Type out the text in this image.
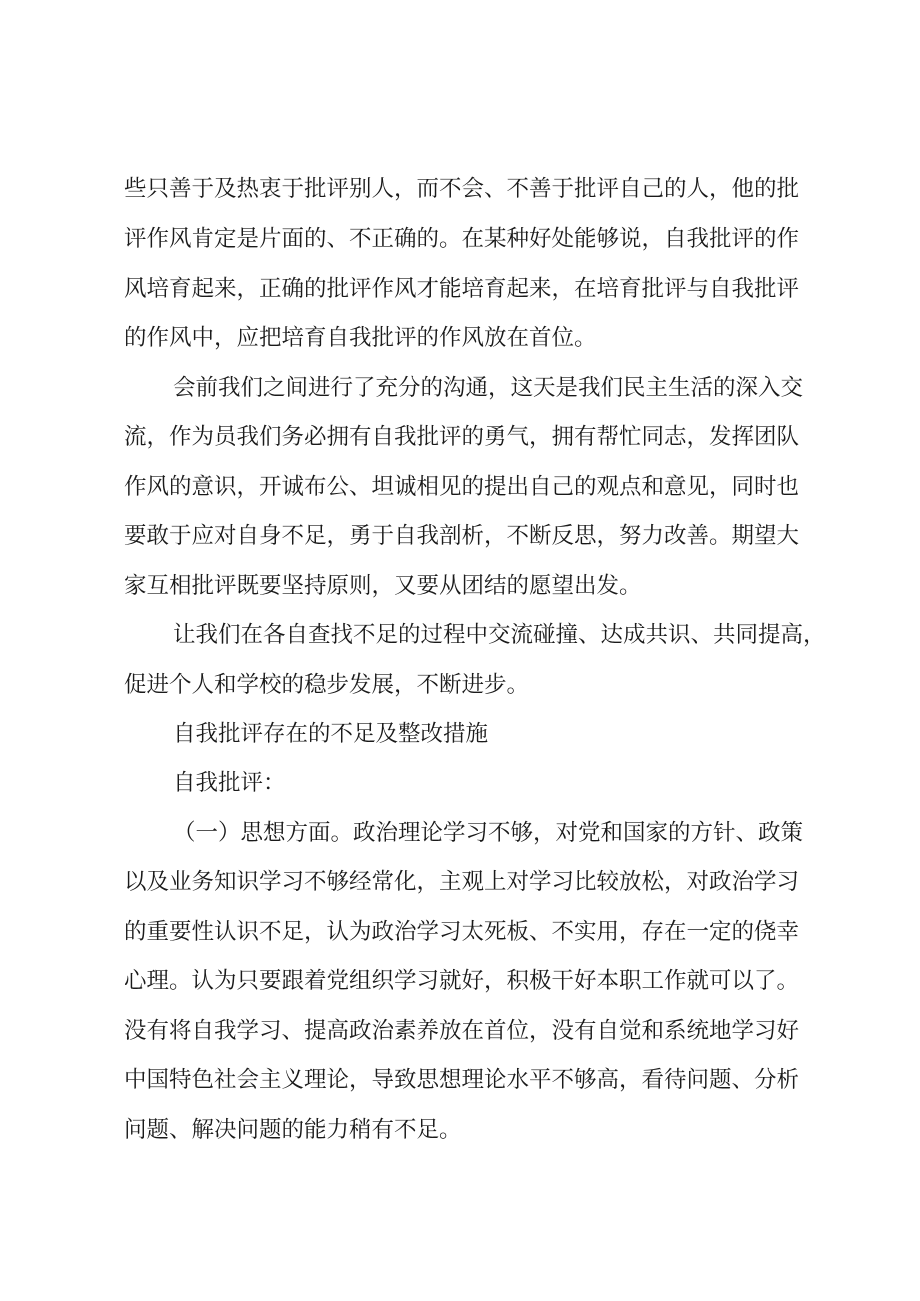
些只善于及热衷于批评别人，而不会、不善于批评自己的人，他的批
评作风肯定是片面的、不正确的。在某种好处能够说，自我批评的作
风培育起来，正确的批评作风才能培育起来，在培育批评与自我批评
的作风中，应把培育自我批评的作风放在首位。
会前我们之间进行了充分的沟通，这天是我们民主生活的深入交
流，作为员我们务必拥有自我批评的勇气，拥有帮忙同志，发挥团队
作风的意识，开诚布公、坦诚相见的提出自己的观点和意见，同时也
要敢于应对自身不足，勇于自我剖析，不断反思，努力改善。期望大
家互相批评既要坚持原则，又要从团结的愿望出发。
让我们在各自查找不足的过程中交流碰撞、达成共识、共同提高，
促进个人和学校的稳步发展，不断进步。
自我批评存在的不足及整改措施
自我批评：
（一）思想方面。政治理论学习不够，对党和国家的方针、政策
以及业务知识学习不够经常化，主观上对学习比较放松，对政治学习
的重要性认识不足，认为政治学习太死板、不实用，存在一定的侥幸
心理。认为只要跟着党组织学习就好，积极干好本职工作就可以了。
没有将自我学习、提高政治素养放在首位，没有自觉和系统地学习好
中国特色社会主义理论，导致思想理论水平不够高，看待问题、分析
问题、解决问题的能力稍有不足。
